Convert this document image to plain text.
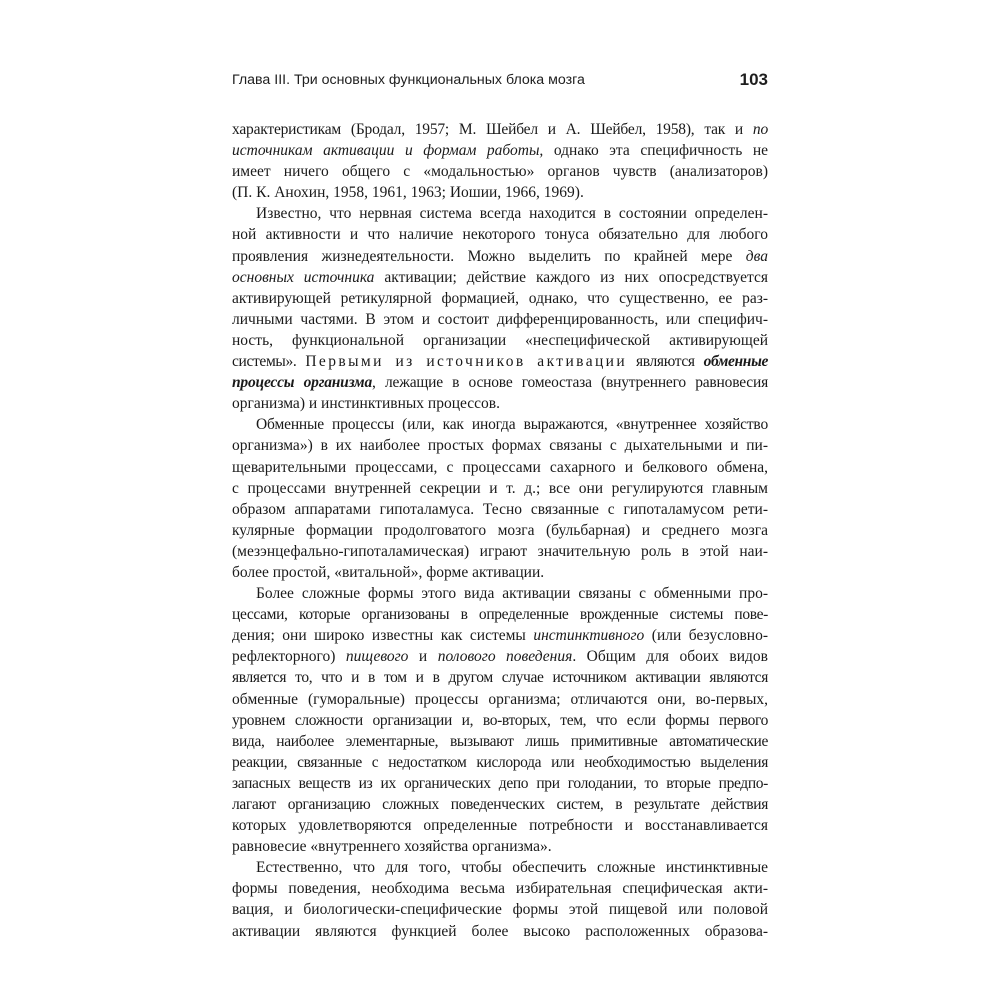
Глава III. Три основных функциональных блока мозга	103
характеристикам (Бродал, 1957; М. Шейбел и А. Шейбел, 1958), так и по
источникам активации и формам работы, однако эта специфичность не
имеет ничего общего с «модальностью» органов чувств (анализаторов)
(П. К. Анохин, 1958, 1961, 1963; Иошии, 1966, 1969).
Известно, что нервная система всегда находится в состоянии определен-
ной активности и что наличие некоторого тонуса обязательно для любого
проявления жизнедеятельности. Можно выделить по крайней мере два
основных источника активации; действие каждого из них опосредствуется
активирующей ретикулярной формацией, однако, что существенно, ее раз-
личными частями. В этом и состоит дифференцированность, или специфич-
ность, функциональной организации «неспецифической активирующей
системы». Первыми из источников активации являются обменные
процессы организма, лежащие в основе гомеостаза (внутреннего равновесия
организма) и инстинктивных процессов.
Обменные процессы (или, как иногда выражаются, «внутреннее хозяйство
организма») в их наиболее простых формах связаны с дыхательными и пи-
щеварительными процессами, с процессами сахарного и белкового обмена,
с процессами внутренней секреции и т. д.; все они регулируются главным
образом аппаратами гипоталамуса. Тесно связанные с гипоталамусом рети-
кулярные формации продолговатого мозга (бульбарная) и среднего мозга
(мезэнцефально-гипоталамическая) играют значительную роль в этой наи-
более простой, «витальной», форме активации.
Более сложные формы этого вида активации связаны с обменными про-
цессами, которые организованы в определенные врожденные системы пове-
дения; они широко известны как системы инстинктивного (или безусловно-
рефлекторного) пищевого и полового поведения. Общим для обоих видов
является то, что и в том и в другом случае источником активации являются
обменные (гуморальные) процессы организма; отличаются они, во-первых,
уровнем сложности организации и, во-вторых, тем, что если формы первого
вида, наиболее элементарные, вызывают лишь примитивные автоматические
реакции, связанные с недостатком кислорода или необходимостью выделения
запасных веществ из их органических депо при голодании, то вторые предпо-
лагают организацию сложных поведенческих систем, в результате действия
которых удовлетворяются определенные потребности и восстанавливается
равновесие «внутреннего хозяйства организма».
Естественно, что для того, чтобы обеспечить сложные инстинктивные
формы поведения, необходима весьма избирательная специфическая акти-
вация, и биологически-специфические формы этой пищевой или половой
активации являются функцией более высоко расположенных образова-
